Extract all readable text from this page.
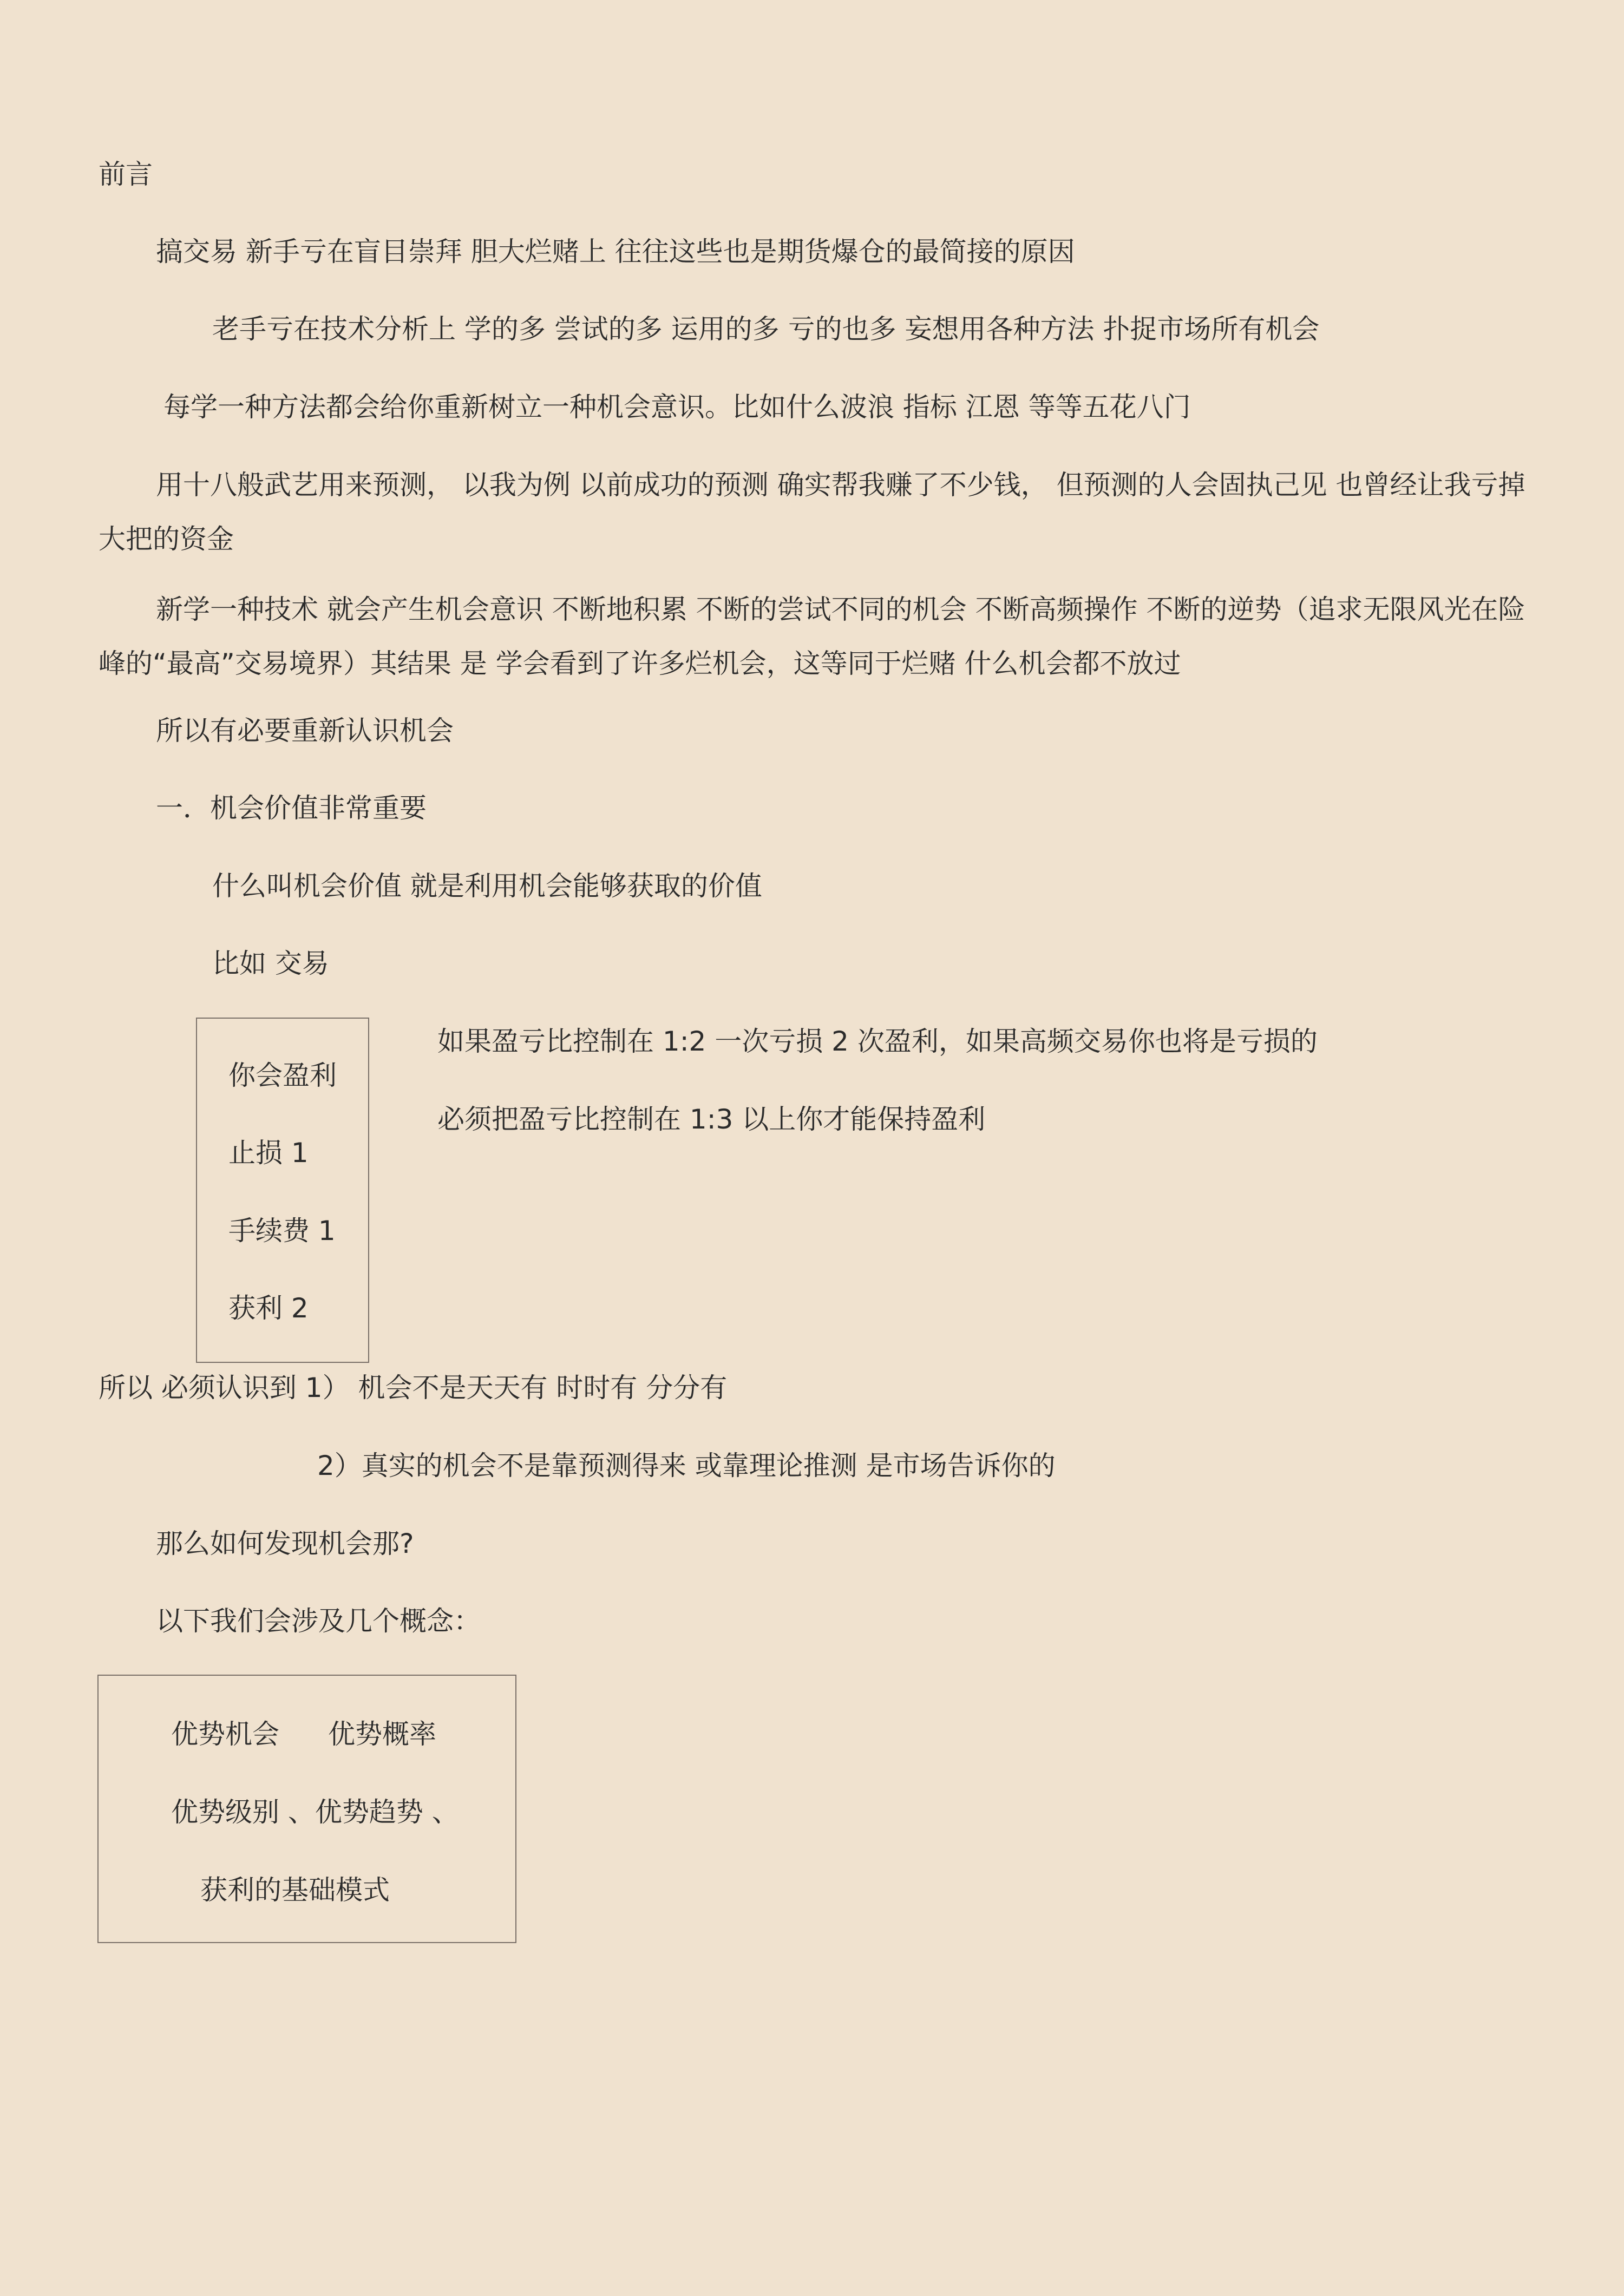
前言

搞交易 新手亏在盲目崇拜 胆大烂赌上 往往这些也是期货爆仓的最简接的原因

老手亏在技术分析上 学的多 尝试的多 运用的多 亏的也多 妄想用各种方法 扑捉市场所有机会

每学一种方法都会给你重新树立一种机会意识。比如什么波浪 指标 江恩 等等五花八门

用十八般武艺用来预测， 以我为例 以前成功的预测 确实帮我赚了不少钱， 但预测的人会固执己见 也曾经让我亏掉大把的资金

新学一种技术 就会产生机会意识 不断地积累 不断的尝试不同的机会 不断高频操作 不断的逆势（追求无限风光在险峰的“最高”交易境界）其结果 是 学会看到了许多烂机会，这等同于烂赌 什么机会都不放过

所以有必要重新认识机会

一．机会价值非常重要

什么叫机会价值 就是利用机会能够获取的价值

比如 交易

你会盈利

止损 1

手续费 1

获利 2

如果盈亏比控制在 1:2 一次亏损 2 次盈利，如果高频交易你也将是亏损的

必须把盈亏比控制在 1:3 以上你才能保持盈利

所以 必须认识到 1） 机会不是天天有 时时有 分分有

2）真实的机会不是靠预测得来 或靠理论推测 是市场告诉你的

那么如何发现机会那?

以下我们会涉及几个概念：

优势机会 优势概率

优势级别 、优势趋势 、

获利的基础模式
